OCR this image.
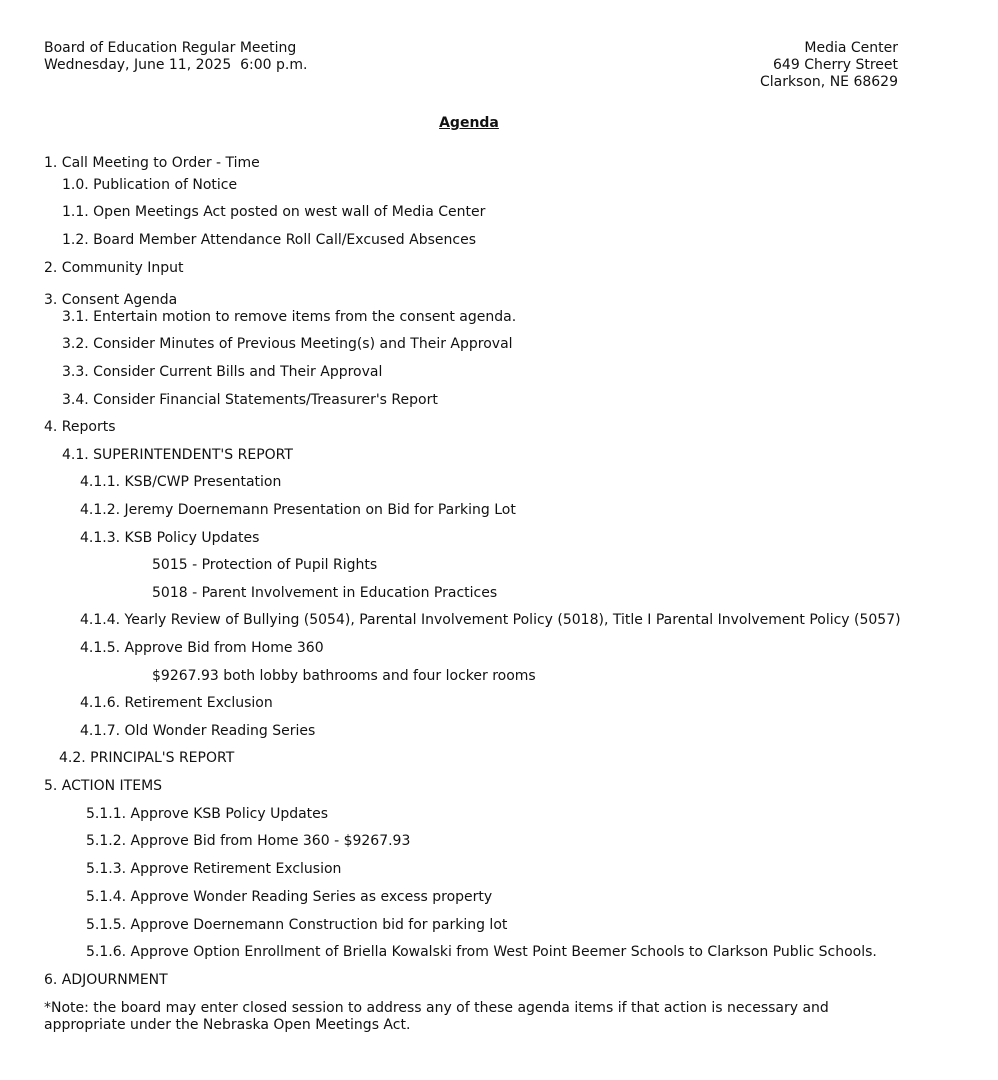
Board of Education Regular Meeting
Wednesday, June 11, 2025  6:00 p.m.
Media Center
649 Cherry Street
Clarkson, NE 68629
Agenda
1. Call Meeting to Order - Time
1.0. Publication of Notice
1.1. Open Meetings Act posted on west wall of Media Center
1.2. Board Member Attendance Roll Call/Excused Absences
2. Community Input
3. Consent Agenda
3.1. Entertain motion to remove items from the consent agenda.
3.2. Consider Minutes of Previous Meeting(s) and Their Approval
3.3. Consider Current Bills and Their Approval
3.4. Consider Financial Statements/Treasurer's Report
4. Reports
4.1. SUPERINTENDENT'S REPORT
4.1.1. KSB/CWP Presentation
4.1.2. Jeremy Doernemann Presentation on Bid for Parking Lot
4.1.3. KSB Policy Updates
5015 - Protection of Pupil Rights
5018 - Parent Involvement in Education Practices
4.1.4. Yearly Review of Bullying (5054), Parental Involvement Policy (5018), Title I Parental Involvement Policy (5057)
4.1.5. Approve Bid from Home 360
$9267.93 both lobby bathrooms and four locker rooms
4.1.6. Retirement Exclusion
4.1.7. Old Wonder Reading Series
4.2. PRINCIPAL'S REPORT
5. ACTION ITEMS
5.1.1. Approve KSB Policy Updates
5.1.2. Approve Bid from Home 360 - $9267.93
5.1.3. Approve Retirement Exclusion
5.1.4. Approve Wonder Reading Series as excess property
5.1.5. Approve Doernemann Construction bid for parking lot
5.1.6. Approve Option Enrollment of Briella Kowalski from West Point Beemer Schools to Clarkson Public Schools.
6. ADJOURNMENT
*Note: the board may enter closed session to address any of these agenda items if that action is necessary and appropriate under the Nebraska Open Meetings Act.
